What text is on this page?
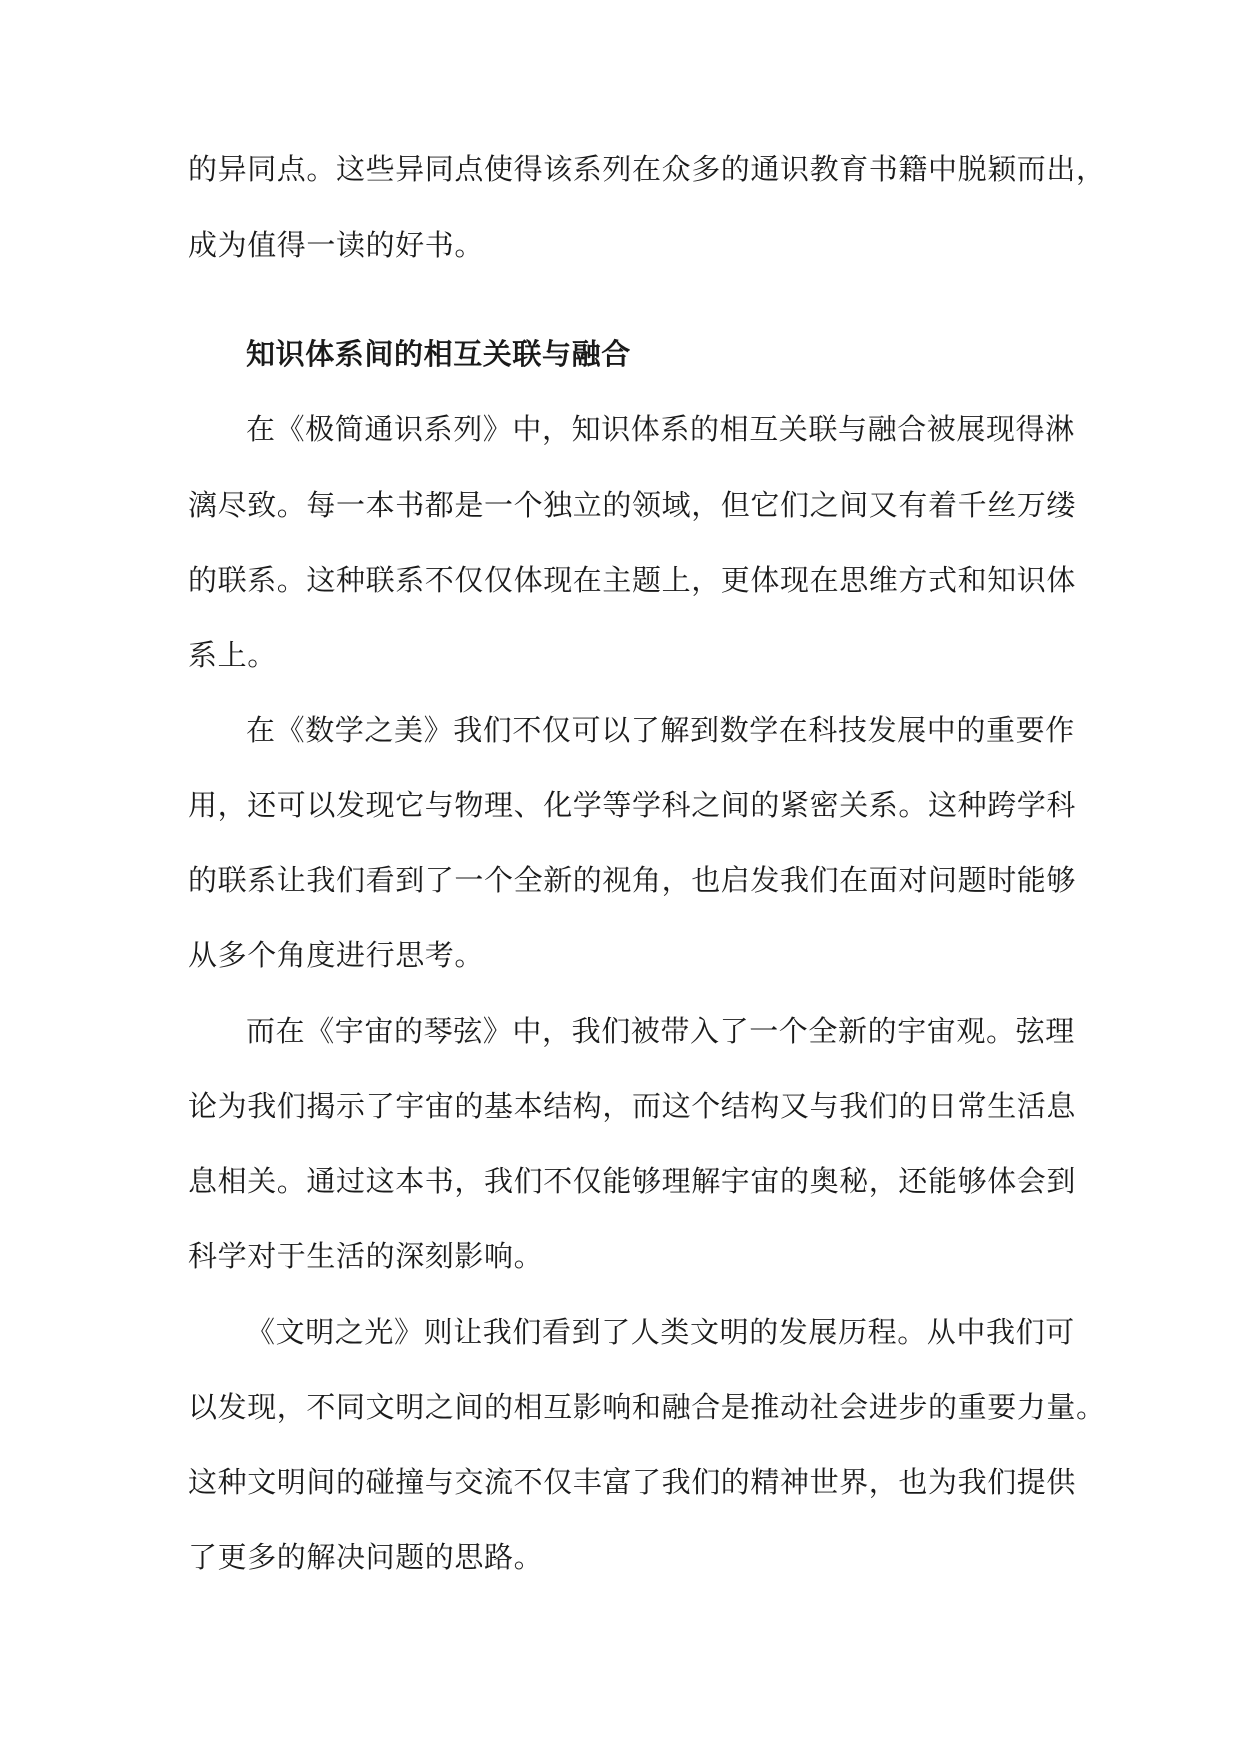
的异同点。这些异同点使得该系列在众多的通识教育书籍中脱颖而出，
成为值得一读的好书。
知识体系间的相互关联与融合
在《极简通识系列》中，知识体系的相互关联与融合被展现得淋
漓尽致。每一本书都是一个独立的领域，但它们之间又有着千丝万缕
的联系。这种联系不仅仅体现在主题上，更体现在思维方式和知识体
系上。
在《数学之美》我们不仅可以了解到数学在科技发展中的重要作
用，还可以发现它与物理、化学等学科之间的紧密关系。这种跨学科
的联系让我们看到了一个全新的视角，也启发我们在面对问题时能够
从多个角度进行思考。
而在《宇宙的琴弦》中，我们被带入了一个全新的宇宙观。弦理
论为我们揭示了宇宙的基本结构，而这个结构又与我们的日常生活息
息相关。通过这本书，我们不仅能够理解宇宙的奥秘，还能够体会到
科学对于生活的深刻影响。
《文明之光》则让我们看到了人类文明的发展历程。从中我们可
以发现，不同文明之间的相互影响和融合是推动社会进步的重要力量。
这种文明间的碰撞与交流不仅丰富了我们的精神世界，也为我们提供
了更多的解决问题的思路。
